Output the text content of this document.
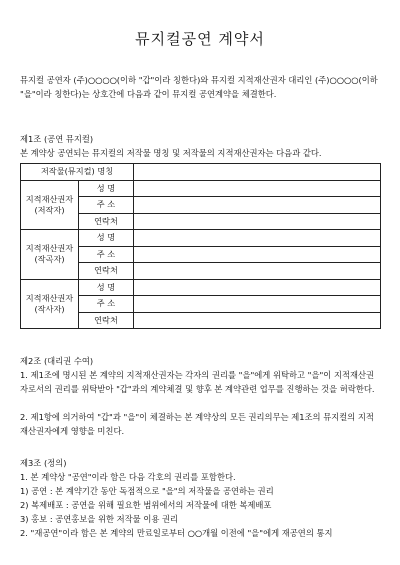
뮤지컬공연 계약서
뮤지컬 공연자 (주)○○○○(이하 "갑"이라 칭한다)와 뮤지컬 지적재산권자 대리인 (주)○○○○(이하 "을"이라 칭한다)는 상호간에 다음과 같이 뮤지컬 공연계약을 체결한다.
제1조 (공연 뮤지컬)
본 계약상 공연되는 뮤지컬의 저작물 명칭 및 저작물의 지적재산권자는 다음과 같다.
저작물(뮤지컬) 명칭		
지적재산권자
(저작자)	성 명	
	주 소	
	연락처	
지적재산권자
(작곡자)	성 명	
	주 소	
	연락처	
지적재산권자
(작사자)	성 명	
	주 소	
	연락처	
제2조 (대리권 수여)
1. 제1조에 명시된 본 계약의 지적재산권자는 각자의 권리를 "을"에게 위탁하고 "을"이 지적재산권자로서의 권리를 위탁받아 "갑"과의 계약체결 및 향후 본 계약관련 업무를 진행하는 것을 허락한다.
2. 제1항에 의거하여 "갑"과 "을"이 체결하는 본 계약상의 모든 권리의무는 제1조의 뮤지컬의 지적재산권자에게 영향을 미친다.
제3조 (정의)
1. 본 계약상 "공연"이라 함은 다음 각호의 권리를 포함한다.
1) 공연 : 본 계약기간 동안 독점적으로 "을"의 저작물을 공연하는 권리
2) 복제배포 : 공연을 위해 필요한 범위에서의 저작물에 대한 복제배포
3) 홍보 : 공연홍보을 위한 저작물 이용 권리
2. "재공연"이라 함은 본 계약의 만료일로부터 ○○개월 이전에 "을"에게 재공연의 통지
